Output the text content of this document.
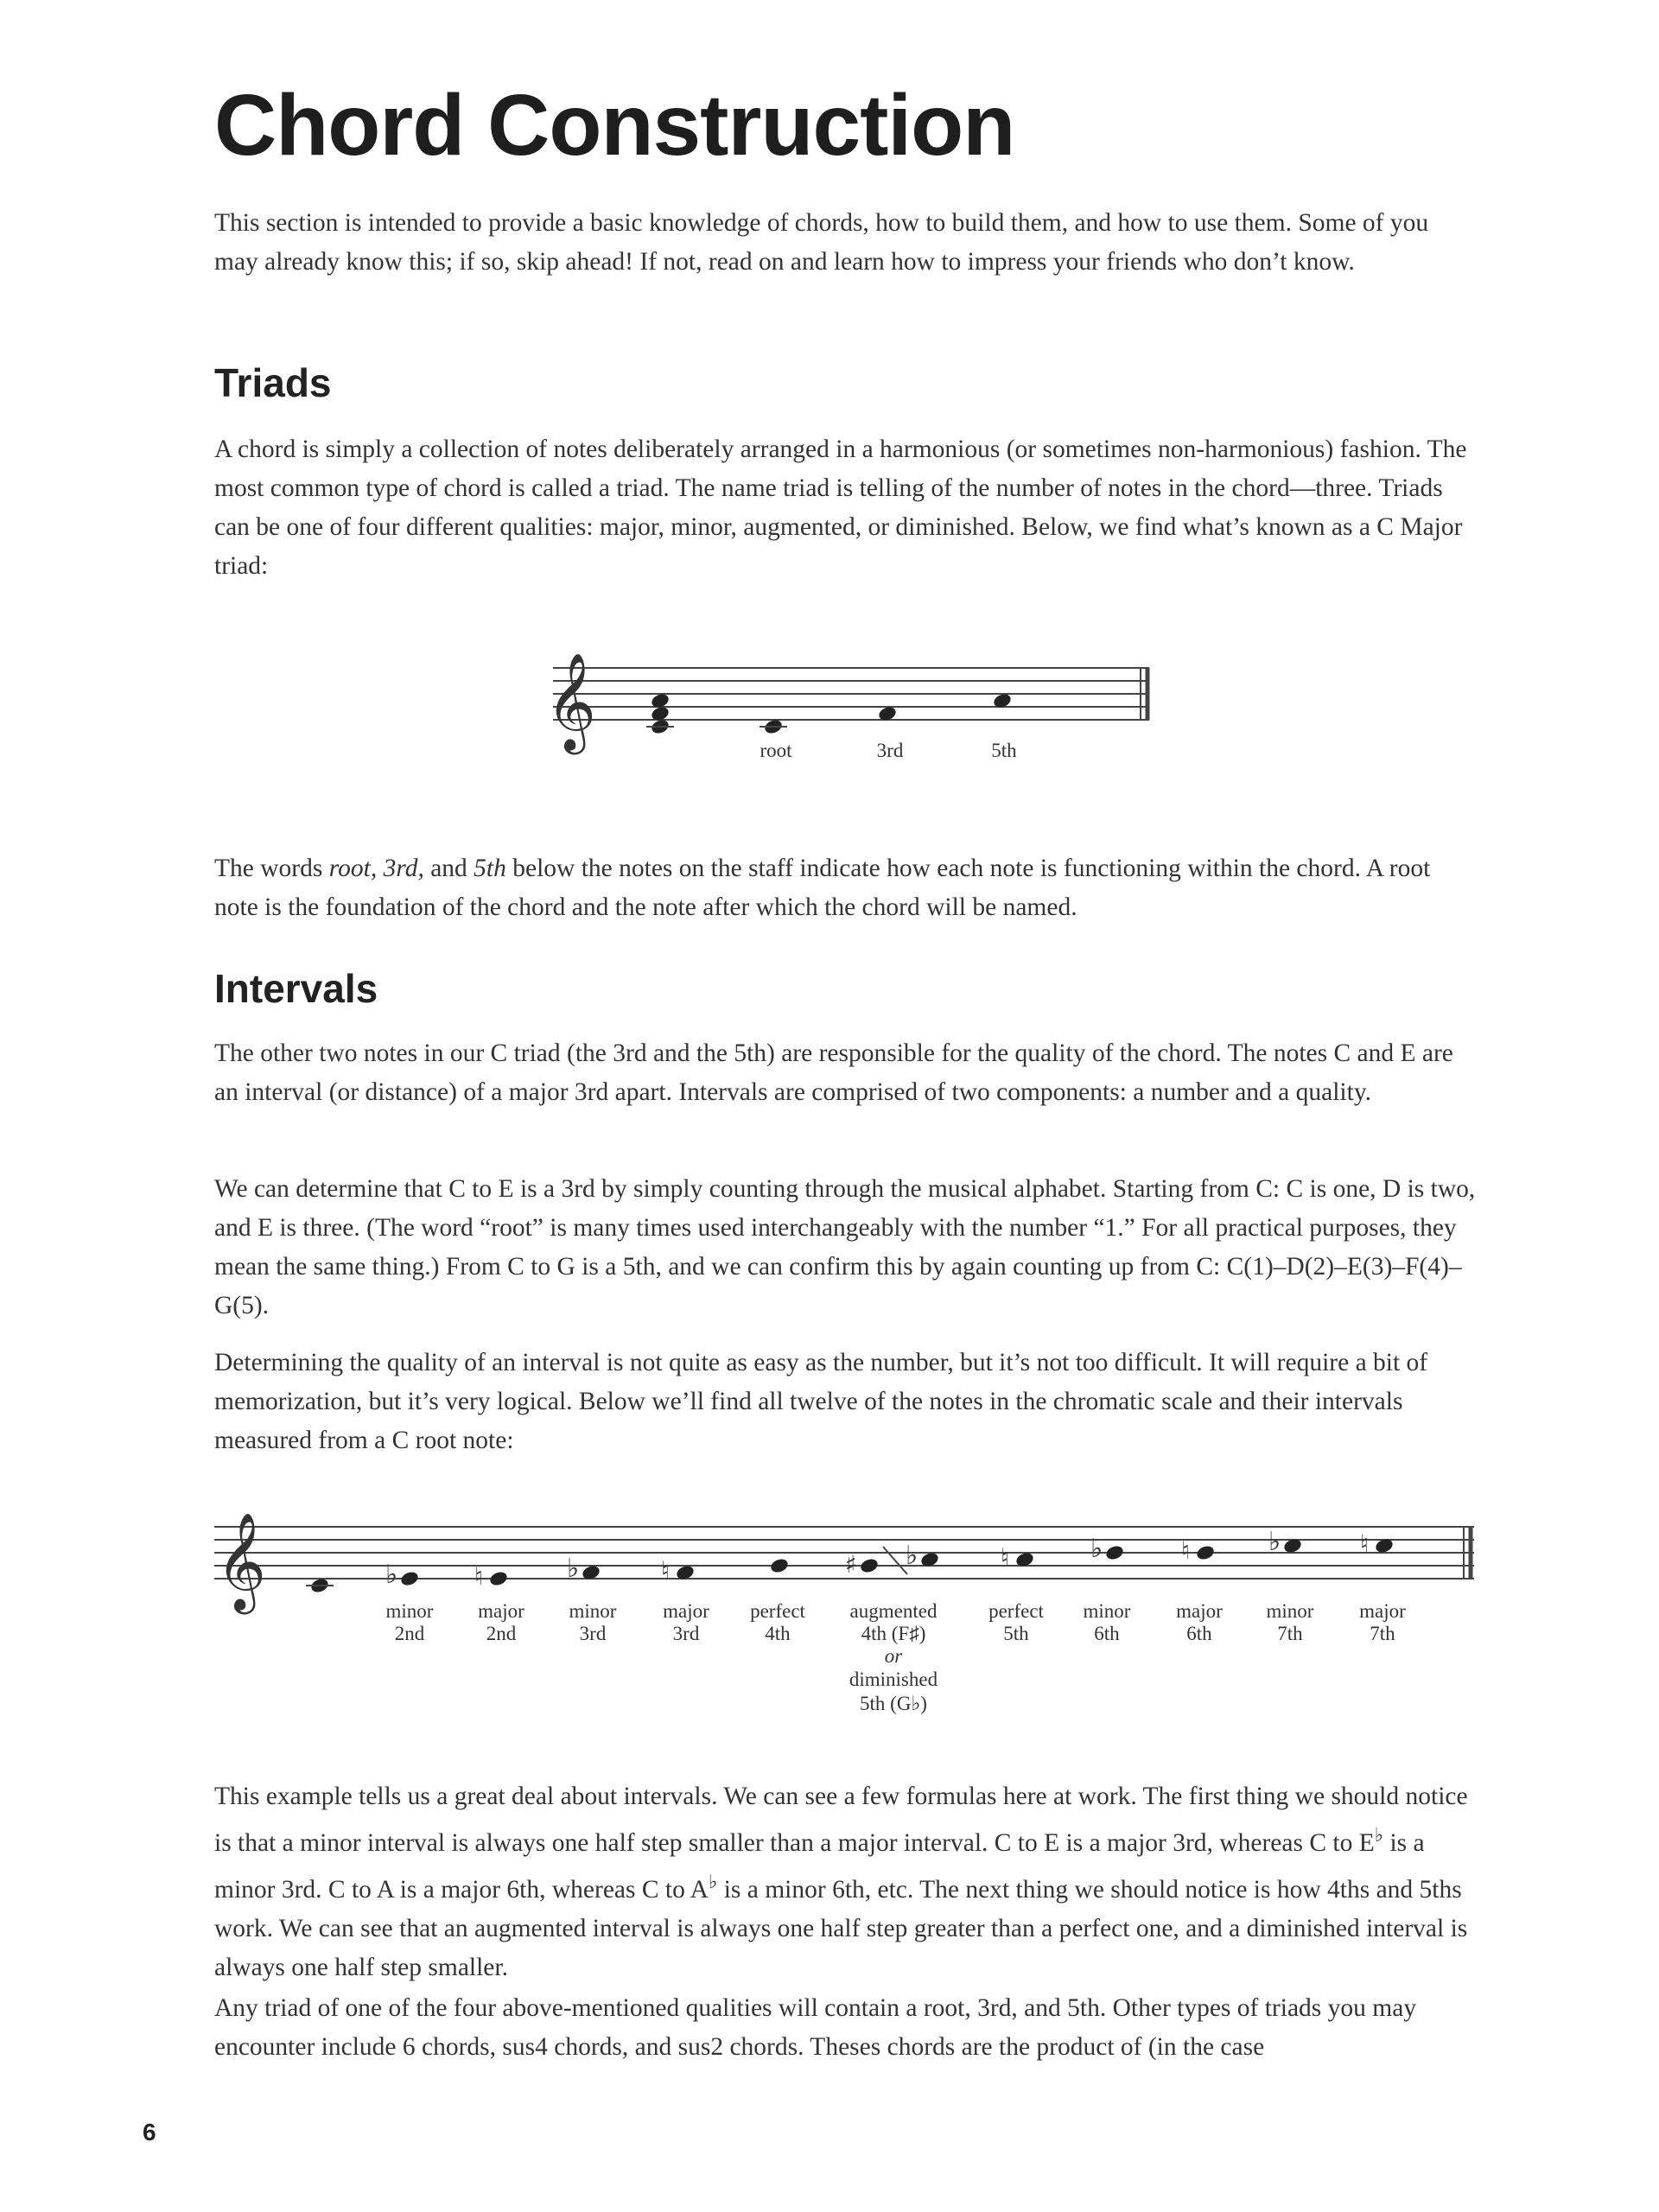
Chord Construction

This section is intended to provide a basic knowledge of chords, how to build them, and how to use them. Some of you may already know this; if so, skip ahead! If not, read on and learn how to impress your friends who don’t know.

Triads

A chord is simply a collection of notes deliberately arranged in a harmonious (or sometimes non-harmonious) fashion. The most common type of chord is called a triad. The name triad is telling of the number of notes in the chord—three. Triads can be one of four different qualities: major, minor, augmented, or diminished. Below, we find what’s known as a C Major triad:

𝄞	root	3rd	5th

The words root, 3rd, and 5th below the notes on the staff indicate how each note is functioning within the chord. A root note is the foundation of the chord and the note after which the chord will be named.

Intervals

The other two notes in our C triad (the 3rd and the 5th) are responsible for the quality of the chord. The notes C and E are an interval (or distance) of a major 3rd apart. Intervals are comprised of two components: a number and a quality.

We can determine that C to E is a 3rd by simply counting through the musical alphabet. Starting from C: C is one, D is two, and E is three. (The word “root” is many times used interchangeably with the number “1.” For all practical purposes, they mean the same thing.) From C to G is a 5th, and we can confirm this by again counting up from C: C(1)–D(2)–E(3)–F(4)–G(5).

Determining the quality of an interval is not quite as easy as the number, but it’s not too difficult. It will require a bit of memorization, but it’s very logical. Below we’ll find all twelve of the notes in the chromatic scale and their intervals measured from a C root note:

𝄞	♭	♮	♭	♮	♯ ♭	♮	♭	♮	♭	♮
minor
2nd
major
2nd
minor
3rd
major
3rd
perfect
4th
augmented
4th (F♯)
or
diminished
5th (G♭)
perfect
5th
minor
6th
major
6th
minor
7th
major
7th

This example tells us a great deal about intervals. We can see a few formulas here at work. The first thing we should notice is that a minor interval is always one half step smaller than a major interval. C to E is a major 3rd, whereas C to E♭ is a minor 3rd. C to A is a major 6th, whereas C to A♭ is a minor 6th, etc. The next thing we should notice is how 4ths and 5ths work. We can see that an augmented interval is always one half step greater than a perfect one, and a diminished interval is always one half step smaller.

Any triad of one of the four above-mentioned qualities will contain a root, 3rd, and 5th. Other types of triads you may encounter include 6 chords, sus4 chords, and sus2 chords. Theses chords are the product of (in the case

6
